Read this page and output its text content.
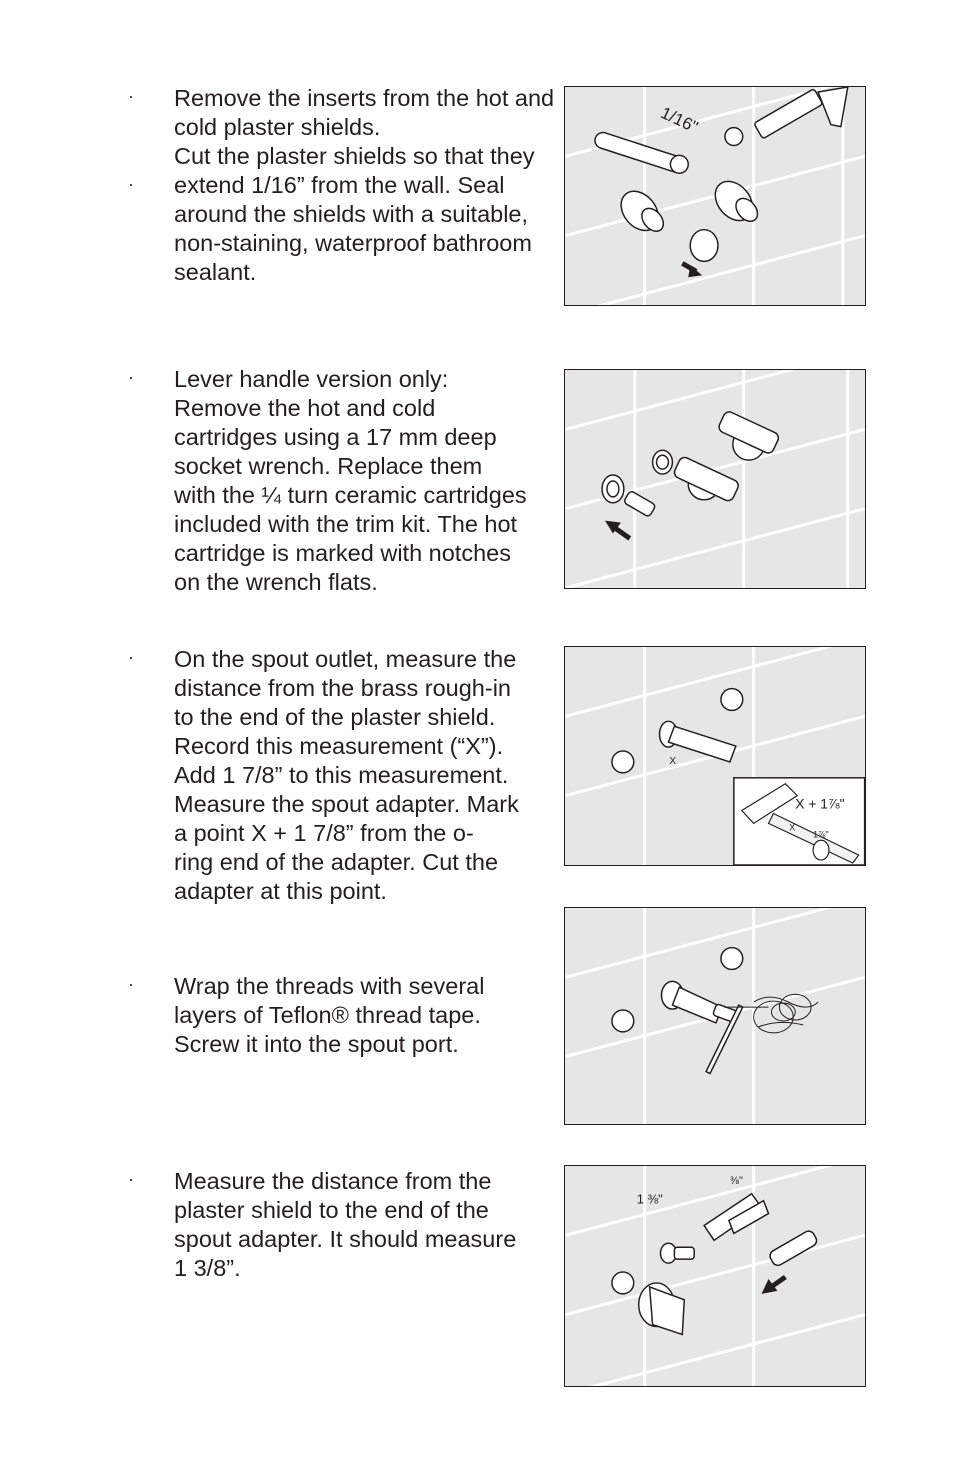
·	Remove the inserts from the hot and
cold plaster shields.

·

Cut the plaster shields so that they
extend 1/16” from the wall. Seal
around the shields with a suitable,
non-staining, waterproof bathroom
sealant.

1/16"
·	Lever handle version only:
Remove the hot and cold
cartridges using a 17 mm deep
socket wrench. Replace them
with the ¼ turn ceramic cartridges
included with the trim kit. The hot
cartridge is marked with notches
on the wrench flats.

·	On the spout outlet, measure the
distance from the brass rough-in
to the end of the plaster shield.
Record this measurement (“X”).
Add 1 7/8” to this measurement.
Measure the spout adapter. Mark
a point X + 1 7/8” from the o-
ring end of the adapter. Cut the
adapter at this point.

X
X + 1⅞"
X
1⅞"
·	Wrap the threads with several
layers of Teflon® thread tape.
Screw it into the spout port.

·	Measure the distance from the
plaster shield to the end of the
spout adapter. It should measure
1 3/8”.

1 ⅜"
⅜"
